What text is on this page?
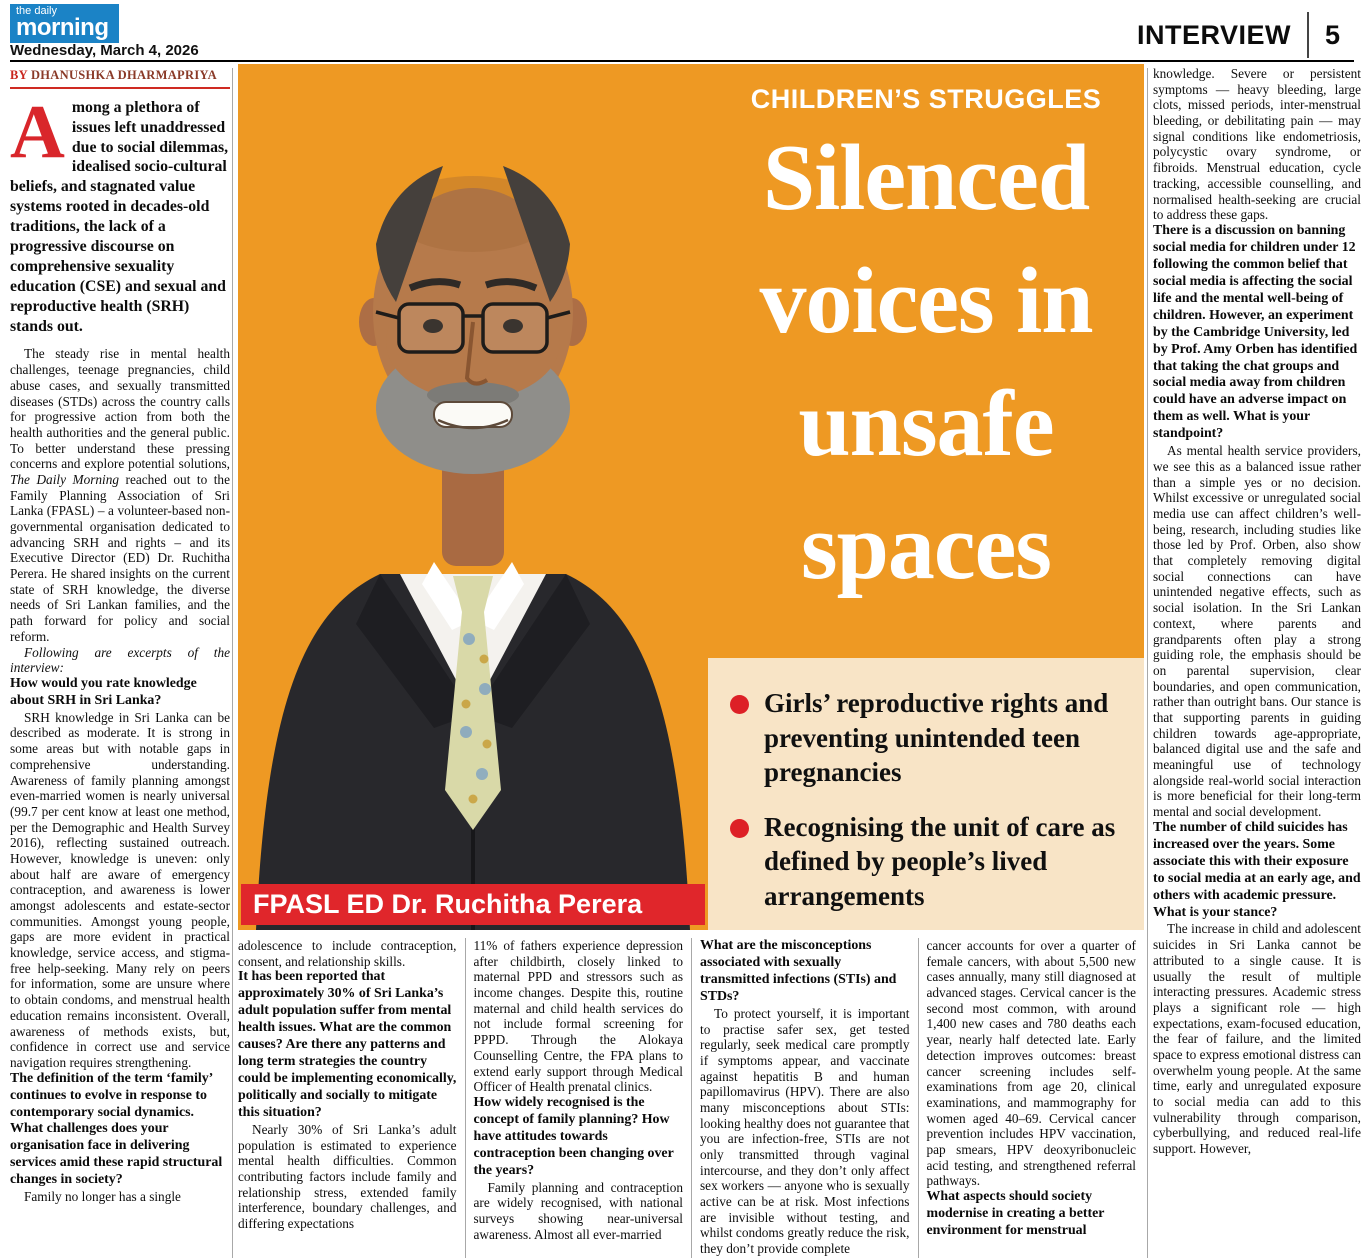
the daily
morning
Wednesday, March 4, 2026
INTERVIEW 5
BY DHANUSHKA DHARMAPRIYA
Among a plethora of issues left unaddressed due to social dilemmas, idealised socio-cultural beliefs, and stagnated value systems rooted in decades-old traditions, the lack of a progressive discourse on comprehensive sexuality education (CSE) and sexual and reproductive health (SRH) stands out.

The steady rise in mental health challenges, teenage pregnancies, child abuse cases, and sexually transmitted diseases (STDs) across the country calls for progressive action from both the health authorities and the general public. To better understand these pressing concerns and explore potential solutions, The Daily Morning reached out to the Family Planning Association of Sri Lanka (FPASL) – a volunteer-based non-governmental organisation dedicated to advancing SRH and rights – and its Executive Director (ED) Dr. Ruchitha Perera. He shared insights on the current state of SRH knowledge, the diverse needs of Sri Lankan families, and the path forward for policy and social reform.

Following are excerpts of the interview:

How would you rate knowledge about SRH in Sri Lanka?

SRH knowledge in Sri Lanka can be described as moderate. It is strong in some areas but with notable gaps in comprehensive understanding. Awareness of family planning amongst even-married women is nearly universal (99.7 per cent know at least one method, per the Demographic and Health Survey 2016), reflecting sustained outreach. However, knowledge is uneven: only about half are aware of emergency contraception, and awareness is lower amongst adolescents and estate-sector communities. Amongst young people, gaps are more evident in practical knowledge, service access, and stigma-free help-seeking. Many rely on peers for information, some are unsure where to obtain condoms, and menstrual health education remains inconsistent. Overall, awareness of methods exists, but, confidence in correct use and service navigation requires strengthening.

The definition of the term ‘family’ continues to evolve in response to contemporary social dynamics. What challenges does your organisation face in delivering services amid these rapid structural changes in society?

Family no longer has a single

FPASL ED Dr. Ruchitha Perera
CHILDREN’S STRUGGLES
Silenced
voices in
unsafe
spaces
Girls’ reproductive rights and preventing unintended teen pregnancies
Recognising the unit of care as defined by people’s lived arrangements

adolescence to include contraception, consent, and relationship skills.

It has been reported that approximately 30% of Sri Lanka’s adult population suffer from mental health issues. What are the common causes? Are there any patterns and long term strategies the country could be implementing economically, politically and socially to mitigate this situation?

Nearly 30% of Sri Lanka’s adult population is estimated to experience mental health difficulties. Common contributing factors include family and relationship stress, extended family interference, boundary challenges, and differing expectations

11% of fathers experience depression after childbirth, closely linked to maternal PPD and stressors such as income changes. Despite this, routine maternal and child health services do not include formal screening for PPPD. Through the Alokaya Counselling Centre, the FPA plans to extend early support through Medical Officer of Health prenatal clinics.

How widely recognised is the concept of family planning? How have attitudes towards contraception been changing over the years?

Family planning and contraception are widely recognised, with national surveys showing near-universal awareness. Almost all ever-married

What are the misconceptions associated with sexually transmitted infections (STIs) and STDs?

To protect yourself, it is important to practise safer sex, get tested regularly, seek medical care promptly if symptoms appear, and vaccinate against hepatitis B and human papillomavirus (HPV). There are also many misconceptions about STIs: looking healthy does not guarantee that you are infection-free, STIs are not only transmitted through vaginal intercourse, and they don’t only affect sex workers — anyone who is sexually active can be at risk. Most infections are invisible without testing, and whilst condoms greatly reduce the risk, they don’t provide complete

cancer accounts for over a quarter of female cancers, with about 5,500 new cases annually, many still diagnosed at advanced stages. Cervical cancer is the second most common, with around 1,400 new cases and 780 deaths each year, nearly half detected late. Early detection improves outcomes: breast cancer screening includes self-examinations from age 20, clinical examinations, and mammography for women aged 40–69. Cervical cancer prevention includes HPV vaccination, pap smears, HPV deoxyribonucleic acid testing, and strengthened referral pathways.

What aspects should society modernise in creating a better environment for menstrual

knowledge. Severe or persistent symptoms — heavy bleeding, large clots, missed periods, inter-menstrual bleeding, or debilitating pain — may signal conditions like endometriosis, polycystic ovary syndrome, or fibroids. Menstrual education, cycle tracking, accessible counselling, and normalised health-seeking are crucial to address these gaps.

There is a discussion on banning social media for children under 12 following the common belief that social media is affecting the social life and the mental well-being of children. However, an experiment by the Cambridge University, led by Prof. Amy Orben has identified that taking the chat groups and social media away from children could have an adverse impact on them as well. What is your standpoint?

As mental health service providers, we see this as a balanced issue rather than a simple yes or no decision. Whilst excessive or unregulated social media use can affect children’s well-being, research, including studies like those led by Prof. Orben, also show that completely removing digital social connections can have unintended negative effects, such as social isolation. In the Sri Lankan context, where parents and grandparents often play a strong guiding role, the emphasis should be on parental supervision, clear boundaries, and open communication, rather than outright bans. Our stance is that supporting parents in guiding children towards age-appropriate, balanced digital use and the safe and meaningful use of technology alongside real-world social interaction is more beneficial for their long-term mental and social development.

The number of child suicides has increased over the years. Some associate this with their exposure to social media at an early age, and others with academic pressure. What is your stance?

The increase in child and adolescent suicides in Sri Lanka cannot be attributed to a single cause. It is usually the result of multiple interacting pressures. Academic stress plays a significant role — high expectations, exam-focused education, the fear of failure, and the limited space to express emotional distress can overwhelm young people. At the same time, early and unregulated exposure to social media can add to this vulnerability through comparison, cyberbullying, and reduced real-life support. However,
